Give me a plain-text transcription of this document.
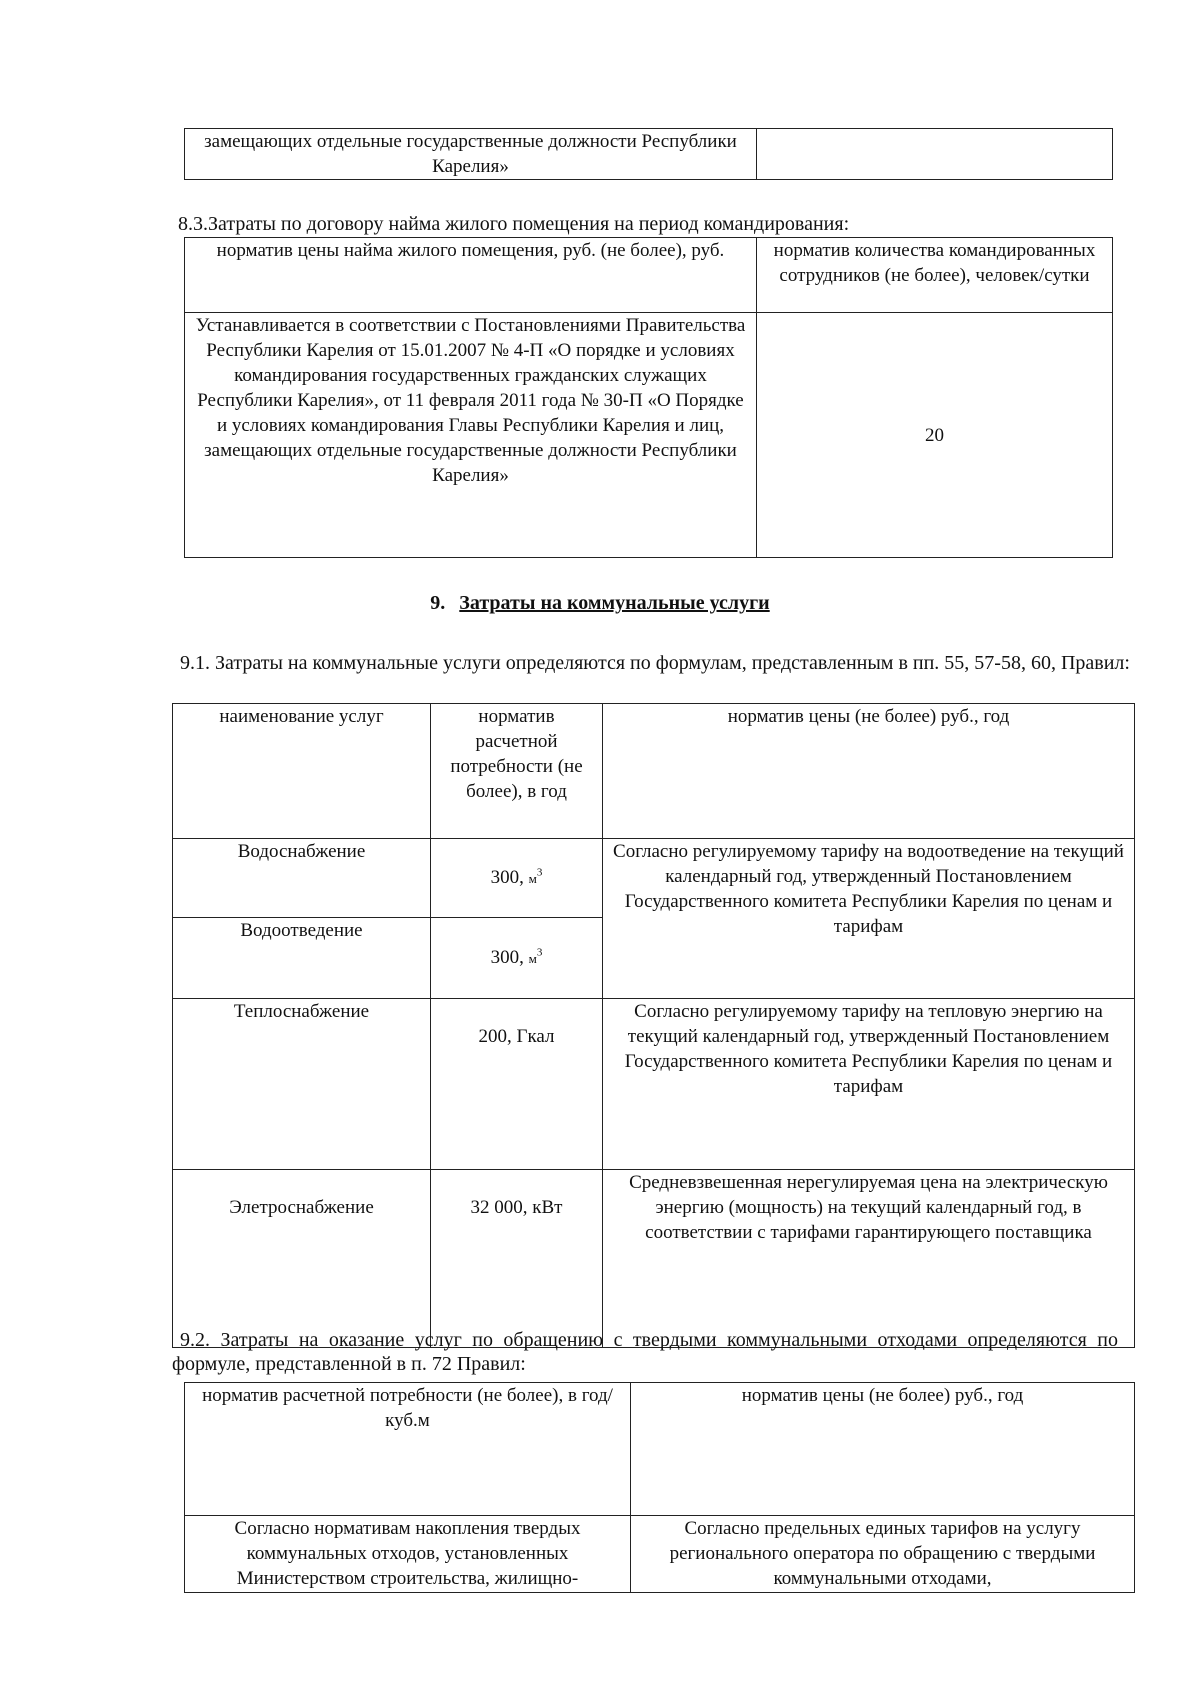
замещающих отдельные государственные должности Республики Карелия»	
8.3.Затраты по договору найма жилого помещения на период командирования:
норматив цены найма жилого помещения, руб. (не более), руб.	норматив количества командированных сотрудников (не более), человек/сутки
Устанавливается в соответствии с Постановлениями Правительства Республики Карелия от 15.01.2007 № 4-П «О порядке и условиях командирования государственных гражданских служащих Республики Карелия», от 11 февраля 2011 года № 30-П «О Порядке и условиях командирования Главы Республики Карелия и лиц, замещающих отдельные государственные должности Республики Карелия»	20
9. Затраты на коммунальные услуги
9.1. Затраты на коммунальные услуги определяются по формулам, представленным в пп. 55, 57-58, 60, Правил:
наименование услуг	норматив расчетной потребности (не более), в год	норматив цены (не более) руб., год
Водоснабжение	300, $м^3$	Согласно регулируемому тарифу на водоотведение на текущий календарный год, утвержденный Постановлением Государственного комитета Республики Карелия по ценам и тарифам
Водоотведение	300, $м^3$
Теплоснабжение	200, Гкал	Согласно регулируемому тарифу на тепловую энергию на текущий календарный год, утвержденный Постановлением Государственного комитета Республики Карелия по ценам и тарифам
Элетроснабжение	32 000, кВт	Средневзвешенная нерегулируемая цена на электрическую энергию (мощность) на текущий календарный год, в соответствии с тарифами гарантирующего поставщика
9.2. Затраты на оказание услуг по обращению с твердыми коммунальными отходами определяются по формуле, представленной в п. 72 Правил:
норматив расчетной потребности (не более), в год/ куб.м	норматив цены (не более) руб., год
Согласно нормативам накопления твердых коммунальных отходов, установленных Министерством строительства, жилищно-	Согласно предельных единых тарифов на услугу регионального оператора по обращению с твердыми коммунальными отходами,
